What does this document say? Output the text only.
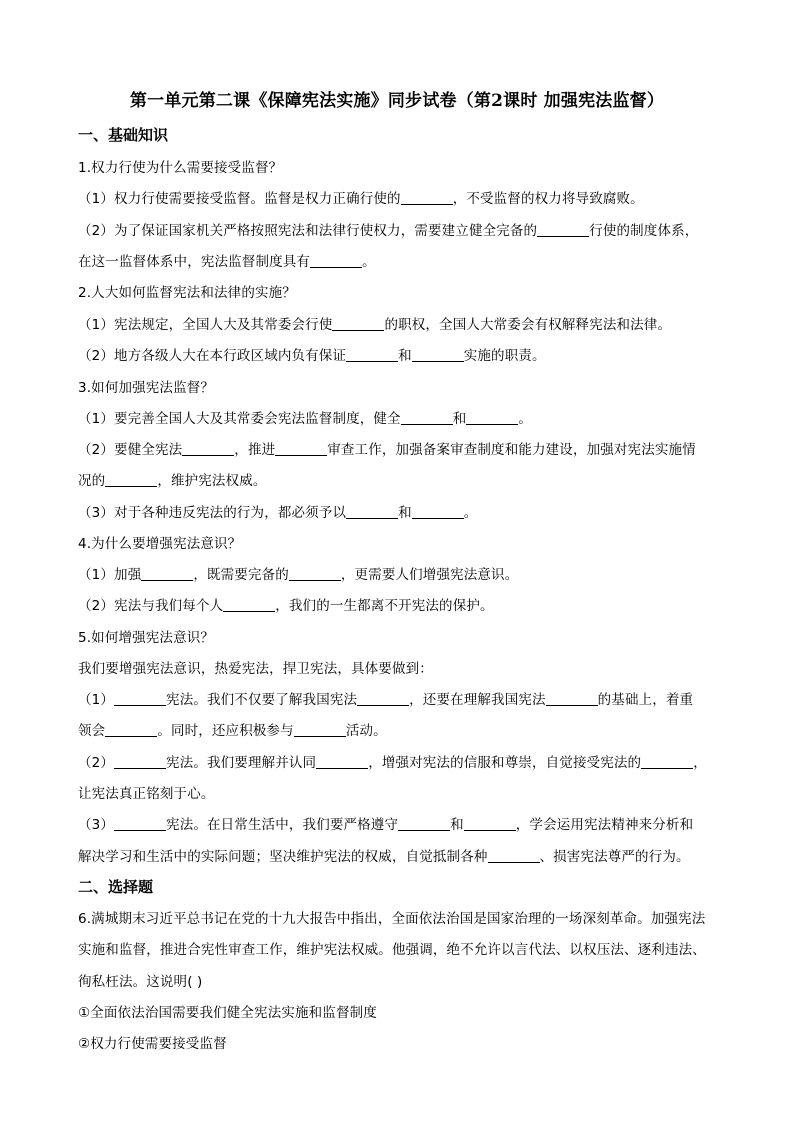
第一单元第二课《保障宪法实施》同步试卷（第2课时 加强宪法监督）
一、基础知识
1.权力行使为什么需要接受监督？
（1）权力行使需要接受监督。监督是权力正确行使的	，不受监督的权力将导致腐败。
（2）为了保证国家机关严格按照宪法和法律行使权力，需要建立健全完备的	行使的制度体系，
在这一监督体系中，宪法监督制度具有	。
2.人大如何监督宪法和法律的实施？
（1）宪法规定，全国人大及其常委会行使	的职权，全国人大常委会有权解释宪法和法律。
（2）地方各级人大在本行政区域内负有保证	和	实施的职责。
3.如何加强宪法监督？
（1）要完善全国人大及其常委会宪法监督制度，健全	和	。
（2）要健全宪法	，推进	审查工作，加强备案审查制度和能力建设，加强对宪法实施情
况的	，维护宪法权威。
（3）对于各种违反宪法的行为，都必须予以	和	。
4.为什么要增强宪法意识？
（1）加强	，既需要完备的	，更需要人们增强宪法意识。
（2）宪法与我们每个人	，我们的一生都离不开宪法的保护。
5.如何增强宪法意识？
我们要增强宪法意识，热爱宪法，捍卫宪法，具体要做到：
（1）	宪法。我们不仅要了解我国宪法	，还要在理解我国宪法	的基础上，着重
领会	。同时，还应积极参与	活动。
（2）	宪法。我们要理解并认同	，增强对宪法的信服和尊崇，自觉接受宪法的	，
让宪法真正铭刻于心。
（3）	宪法。在日常生活中，我们要严格遵守	和	，学会运用宪法精神来分析和
解决学习和生活中的实际问题；坚决维护宪法的权威，自觉抵制各种	、损害宪法尊严的行为。
二、选择题
6.满城期末习近平总书记在党的十九大报告中指出，全面依法治国是国家治理的一场深刻革命。加强宪法
实施和监督，推进合宪性审查工作，维护宪法权威。他强调，绝不允许以言代法、以权压法、逐利违法、
徇私枉法。这说明( )
①全面依法治国需要我们健全宪法实施和监督制度
②权力行使需要接受监督
